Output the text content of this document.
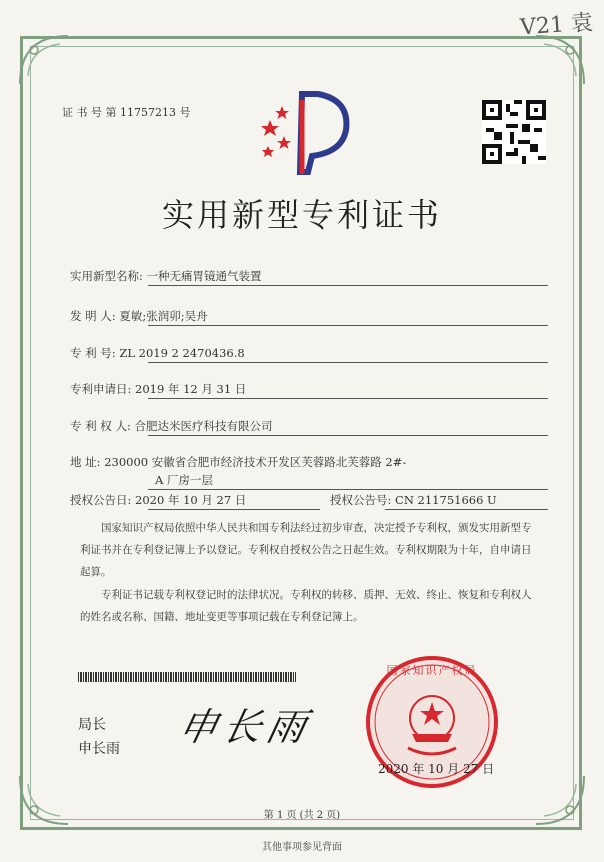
V21 袁
证 书 号 第 11757213 号
实用新型专利证书
实用新型名称: 一种无痛胃镜通气装置
发 明 人: 夏敏;张润卯;吴舟
专 利 号: ZL 2019 2 2470436.8
专利申请日: 2019 年 12 月 31 日
专 利 权 人: 合肥达米医疗科技有限公司
地 址: 230000 安徽省合肥市经济技术开发区芙蓉路北芙蓉路 2#-
A 厂房一层
授权公告日: 2020 年 10 月 27 日	授权公告号: CN 211751666 U
国家知识产权局依照中华人民共和国专利法经过初步审查，决定授予专利权，颁发实用新型专利证书并在专利登记簿上予以登记。专利权自授权公告之日起生效。专利权期限为十年，自申请日起算。
专利证书记载专利权登记时的法律状况。专利权的转移、质押、无效、终止、恢复和专利权人的姓名或名称、国籍、地址变更等事项记载在专利登记簿上。
局长
申长雨 申长雨
国家知识产权局
2020 年 10 月 27 日
第 1 页 (共 2 页)
其他事项参见背面
